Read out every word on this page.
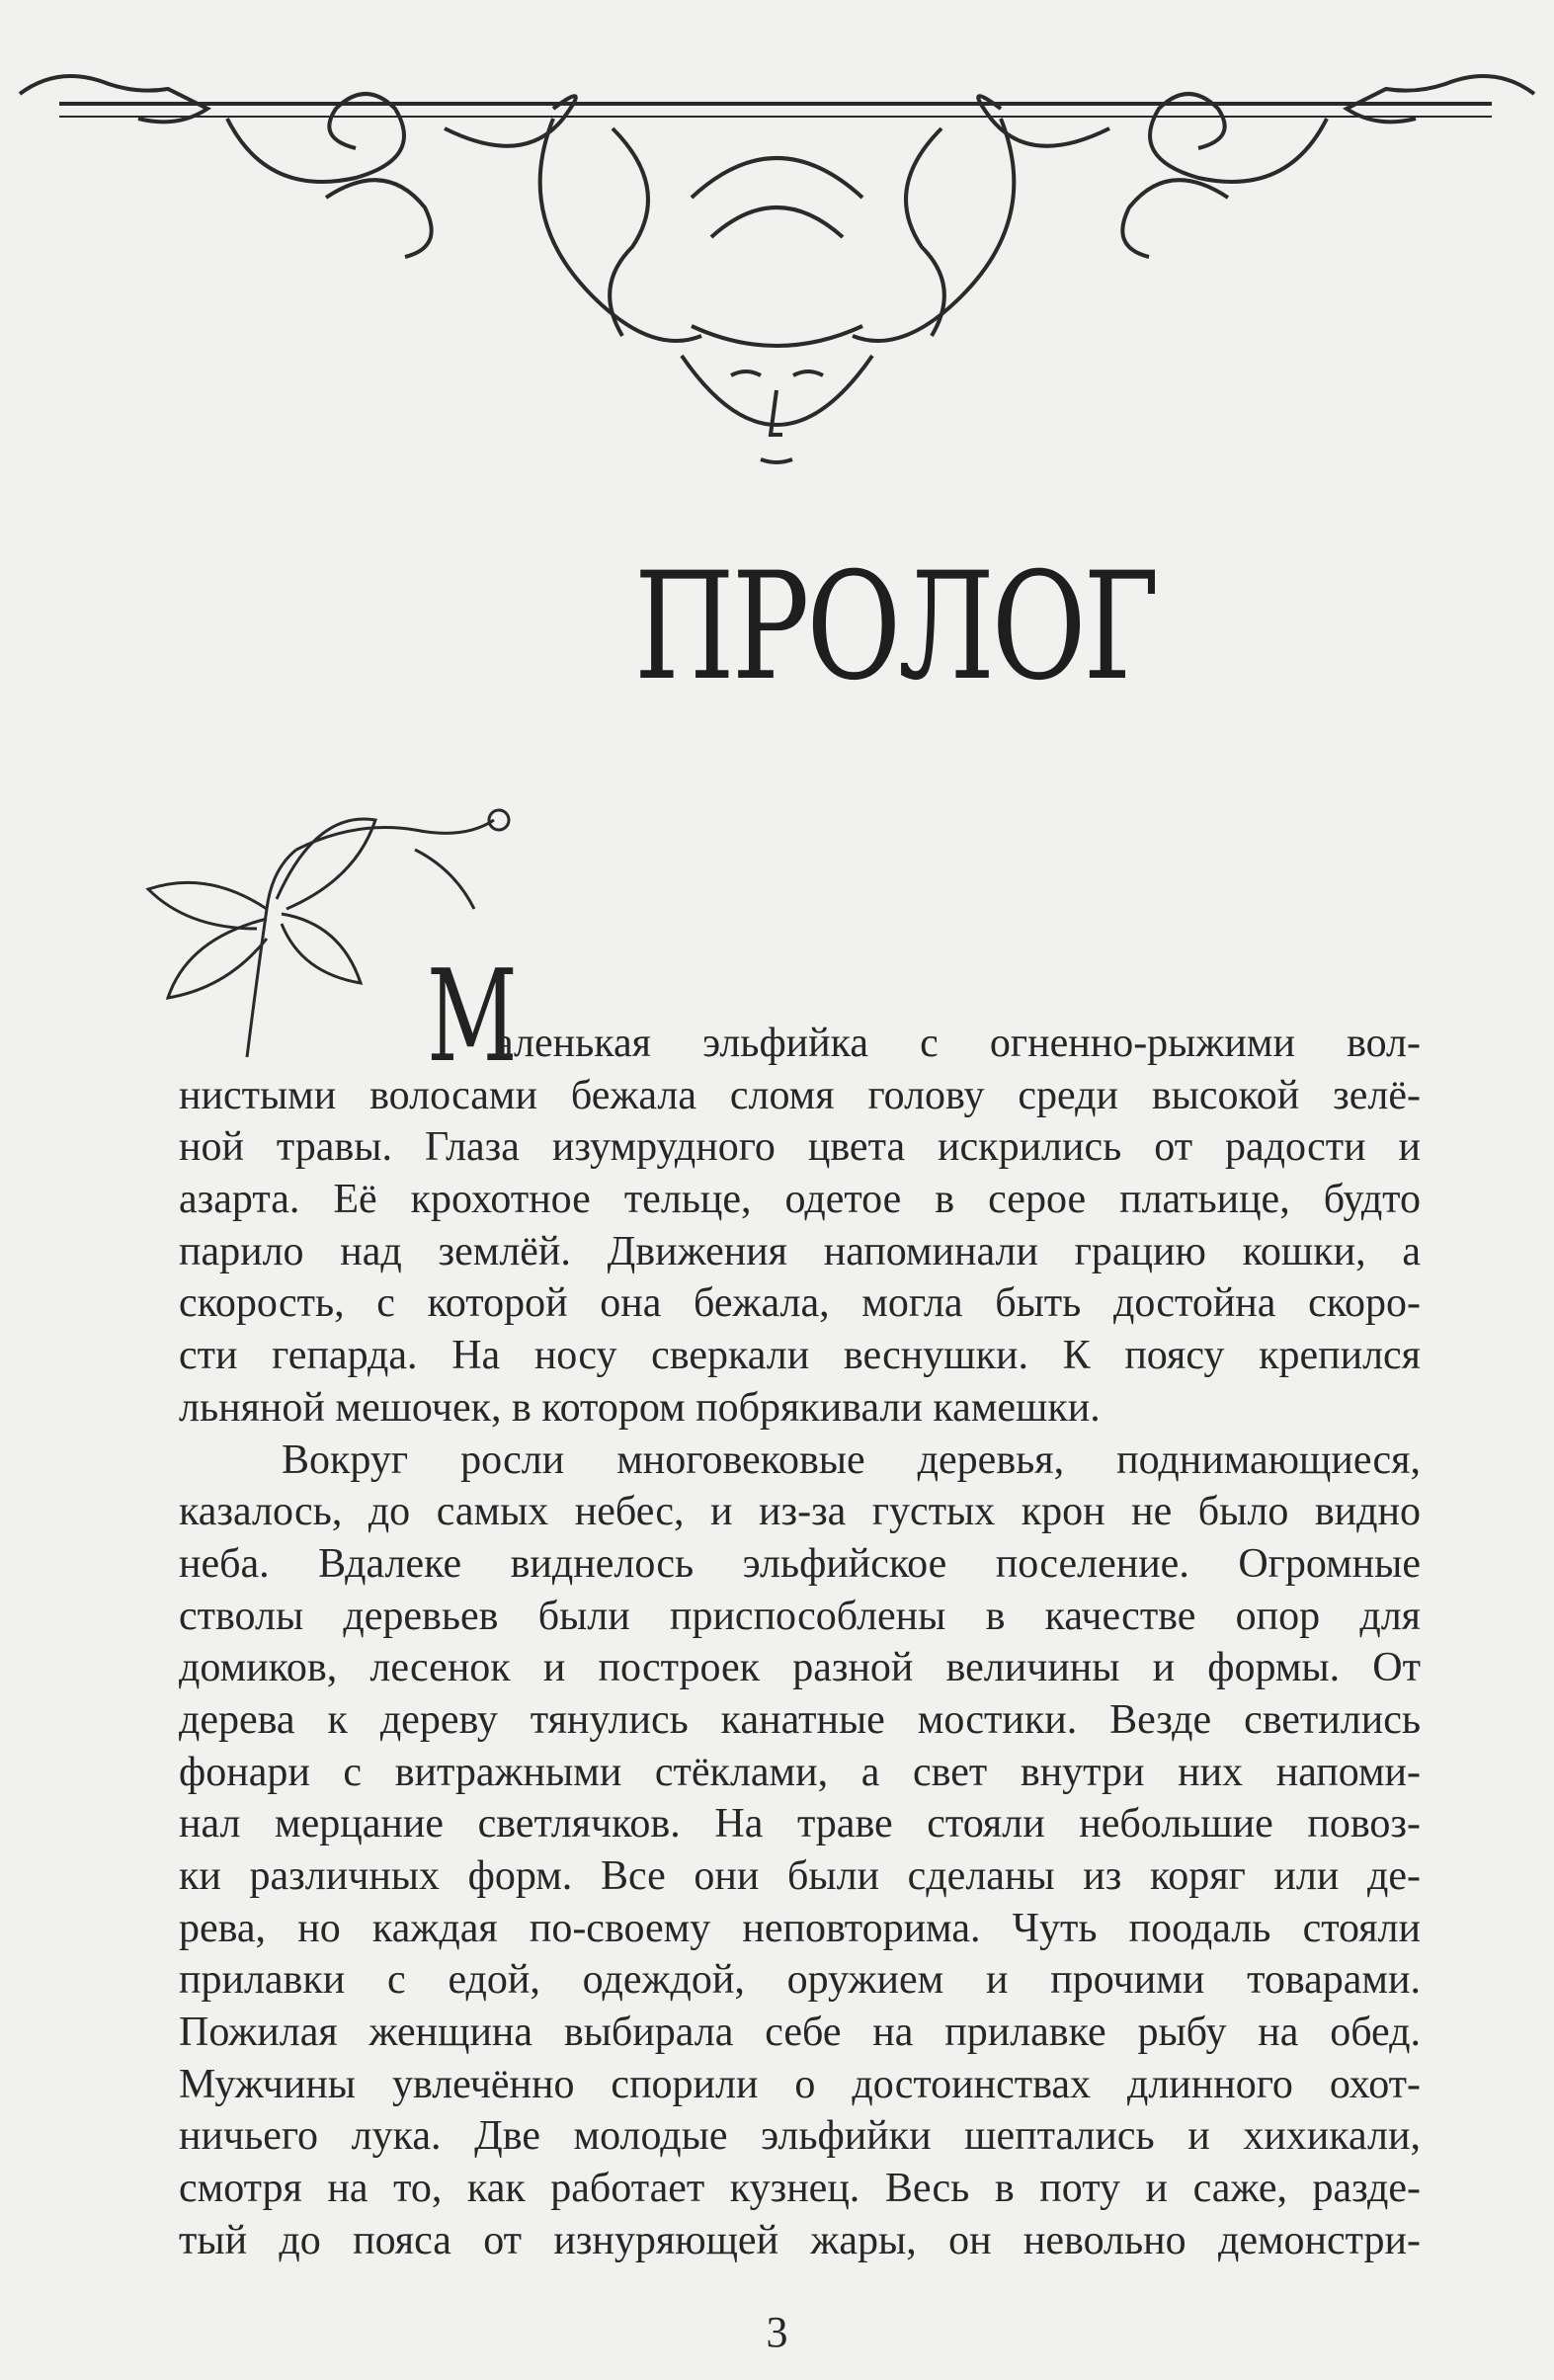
ПРОЛОГ
М
аленькая эльфийка с огненно-рыжими вол-
нистыми волосами бежала сломя голову среди высокой зелё-
ной травы. Глаза изумрудного цвета искрились от радости и
азарта. Её крохотное тельце, одетое в серое платьице, будто
парило над землёй. Движения напоминали грацию кошки, а
скорость, с которой она бежала, могла быть достойна скоро-
сти гепарда. На носу сверкали веснушки. К поясу крепился
льняной мешочек, в котором побрякивали камешки.
Вокруг росли многовековые деревья, поднимающиеся,
казалось, до самых небес, и из-за густых крон не было видно
неба. Вдалеке виднелось эльфийское поселение. Огромные
стволы деревьев были приспособлены в качестве опор для
домиков, лесенок и построек разной величины и формы. От
дерева к дереву тянулись канатные мостики. Везде светились
фонари с витражными стёклами, а свет внутри них напоми-
нал мерцание светлячков. На траве стояли небольшие повоз-
ки различных форм. Все они были сделаны из коряг или де-
рева, но каждая по-своему неповторима. Чуть поодаль стояли
прилавки с едой, одеждой, оружием и прочими товарами.
Пожилая женщина выбирала себе на прилавке рыбу на обед.
Мужчины увлечённо спорили о достоинствах длинного охот-
ничьего лука. Две молодые эльфийки шептались и хихикали,
смотря на то, как работает кузнец. Весь в поту и саже, разде-
тый до пояса от изнуряющей жары, он невольно демонстри-
3
